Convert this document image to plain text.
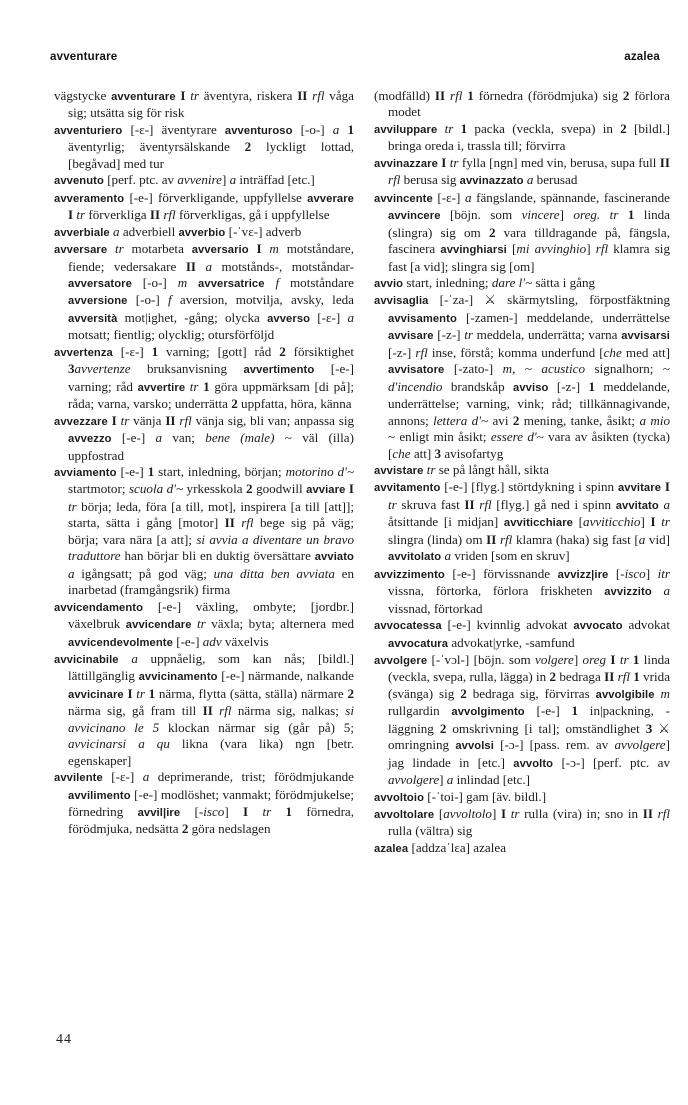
avventurare	azalea

vägstycke avventurare I tr äventyra, riskera II rfl våga sig; utsätta sig för risk

avventuriero [-ɛ-] äventyrare avventuroso [-o-] a 1 äventyrlig; äventyrsälskande 2 lyckligt lottad, [begåvad] med tur

avvenuto [perf. ptc. av avvenire] a inträffad [etc.]

avveramento [-e-] förverkligande, uppfyllelse avverare I tr förverkliga II rfl förverkligas, gå i uppfyllelse

avverbiale a adverbiell avverbio [-ˈvɛ-] adverb

avversare tr motarbeta avversario I m motståndare, fiende; vedersakare II a motstånds-, motståndar- avversatore [-o-] m avversatrice f motståndare avversione [-o-] f aversion, motvilja, avsky, leda avversità mot|ighet, -gång; olycka avverso [-ɛ-] a motsatt; fientlig; olycklig; otursförföljd

avvertenza [-ɛ-] 1 varning; [gott] råd 2 försiktighet 3avvertenze bruksanvisning avvertimento [-e-] varning; råd avvertire tr 1 göra uppmärksam [di på]; råda; varna, varsko; underrätta 2 uppfatta, höra, känna

avvezzare I tr vänja II rfl vänja sig, bli van; anpassa sig avvezzo [-e-] a van; bene (male) ~ väl (illa) uppfostrad

avviamento [-e-] 1 start, inledning, början; motorino d'~ startmotor; scuola d'~ yrkesskola 2 goodwill avviare I tr börja; leda, föra [a till, mot], inspirera [a till [att]]; starta, sätta i gång [motor] II rfl bege sig på väg; börja; vara nära [a att]; si avvia a diventare un bravo traduttore han börjar bli en duktig översättare avviato a igångsatt; på god väg; una ditta ben avviata en inarbetad (framgångsrik) firma

avvicendamento [-e-] växling, ombyte; [jordbr.] växelbruk avvicendare tr växla; byta; alternera med avvicendevolmente [-e-] adv växelvis

avvicinabile a uppnåelig, som kan nås; [bildl.] lättillgänglig avvicinamento [-e-] närmande, nalkande avvicinare I tr 1 närma, flytta (sätta, ställa) närmare 2 närma sig, gå fram till II rfl närma sig, nalkas; si avvicinano le 5 klockan närmar sig (går på) 5; avvicinarsi a qu likna (vara lika) ngn [betr. egenskaper]

avvilente [-ɛ-] a deprimerande, trist; förödmjukande avvilimento [-e-] modlöshet; vanmakt; förödmjukelse; förnedring avvil|ire [-isco] I tr 1 förnedra, förödmjuka, nedsätta 2 göra nedslagen

(modfälld) II rfl 1 förnedra (förödmjuka) sig 2 förlora modet

avviluppare tr 1 packa (veckla, svepa) in 2 [bildl.] bringa oreda i, trassla till; förvirra

avvinazzare I tr fylla [ngn] med vin, berusa, supa full II rfl berusa sig avvinazzato a berusad

avvincente [-ɛ-] a fängslande, spännande, fascinerande avvincere [böjn. som vincere] oreg. tr 1 linda (slingra) sig om 2 vara tilldragande på, fängsla, fascinera avvinghiarsi [mi avvinghio] rfl klamra sig fast [a vid]; slingra sig [om]

avvio start, inledning; dare l'~ sätta i gång

avvisaglia [-ˈza-] ⚔ skärmytsling, förpostfäktning avvisamento [-zamen-] meddelande, underrättelse avvisare [-z-] tr meddela, underrätta; varna avvisarsi [-z-] rfl inse, förstå; komma underfund [che med att] avvisatore [-zato-] m, ~ acustico signalhorn; ~ d'incendio brandskåp avviso [-z-] 1 meddelande, underrättelse; varning, vink; råd; tillkännagivande, annons; lettera d'~ avi 2 mening, tanke, åsikt; a mio ~ enligt min åsikt; essere d'~ vara av åsikten (tycka) [che att] 3 avisofartyg

avvistare tr se på långt håll, sikta

avvitamento [-e-] [flyg.] störtdykning i spinn avvitare I tr skruva fast II rfl [flyg.] gå ned i spinn avvitato a åtsittande [i midjan] avviticchiare [avviticchio] I tr slingra (linda) om II rfl klamra (haka) sig fast [a vid] avvitolato a vriden [som en skruv]

avvizzimento [-e-] förvissnande avvizz|ire [-isco] itr vissna, förtorka, förlora friskheten avvizzito a vissnad, förtorkad

avvocatessa [-e-] kvinnlig advokat avvocato advokat avvocatura advokat|yrke, -samfund

avvolgere [-ˈvɔl-] [böjn. som volgere] oreg I tr 1 linda (veckla, svepa, rulla, lägga) in 2 bedraga II rfl 1 vrida (svänga) sig 2 bedraga sig, förvirras avvolgibile m rullgardin avvolgimento [-e-] 1 in|packning, -läggning 2 omskrivning [i tal]; omständlighet 3 ⚔ omringning avvolsi [-ɔ-] [pass. rem. av avvolgere] jag lindade in [etc.] avvolto [-ɔ-] [perf. ptc. av avvolgere] a inlindad [etc.]

avvoltoio [-ˈtoi-] gam [äv. bildl.]

avvoltolare [avvoltolo] I tr rulla (vira) in; sno in II rfl rulla (vältra) sig

azalea [addzaˈlɛa] azalea

44
